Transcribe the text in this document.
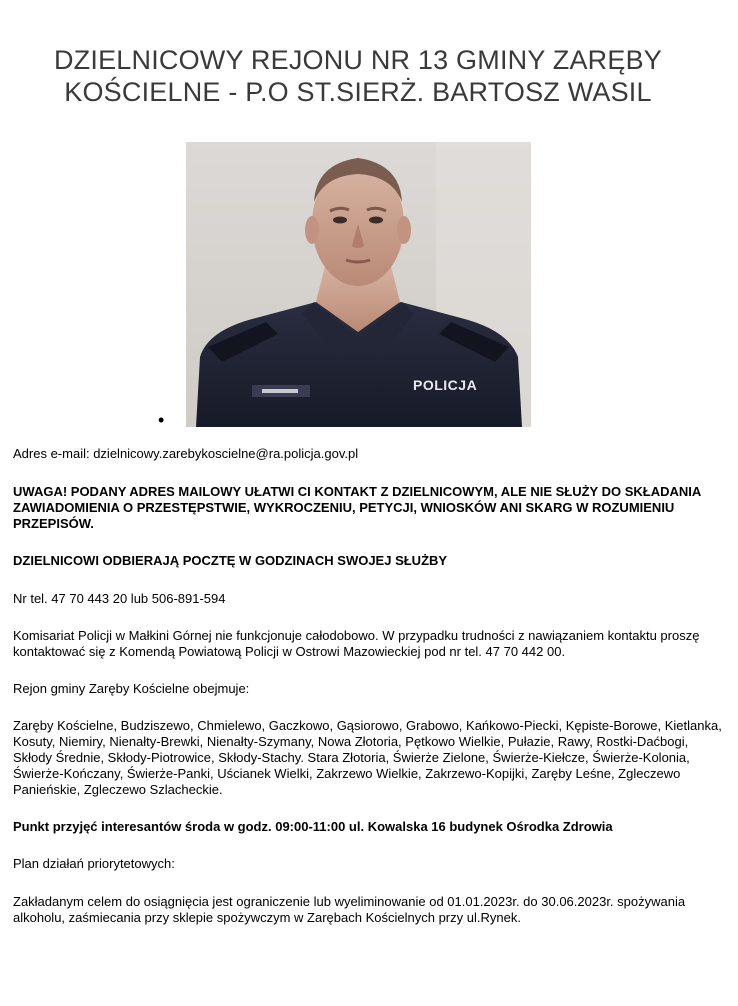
DZIELNICOWY REJONU NR 13 GMINY ZARĘBY
KOŚCIELNE - P.O ST.SIERŻ. BARTOSZ WASIL
POLICJA
•

Adres e-mail: dzielnicowy.zarebykoscielne@ra.policja.gov.pl

UWAGA! PODANY ADRES MAILOWY UŁATWI CI KONTAKT Z DZIELNICOWYM, ALE NIE SŁUŻY DO SKŁADANIA ZAWIADOMIENIA O PRZESTĘPSTWIE, WYKROCZENIU, PETYCJI, WNIOSKÓW ANI SKARG W ROZUMIENIU PRZEPISÓW.

DZIELNICOWI ODBIERAJĄ POCZTĘ W GODZINACH SWOJEJ SŁUŻBY

Nr tel. 47 70 443 20 lub 506-891-594

Komisariat Policji w Małkini Górnej nie funkcjonuje całodobowo. W przypadku trudności z nawiązaniem kontaktu proszę kontaktować się z Komendą Powiatową Policji w Ostrowi Mazowieckiej pod nr tel. 47 70 442 00.

Rejon gminy Zaręby Kościelne obejmuje:

Zaręby Kościelne, Budziszewo, Chmielewo, Gaczkowo, Gąsiorowo, Grabowo, Kańkowo-Piecki, Kępiste-Borowe, Kietlanka, Kosuty, Niemiry, Nienałty-Brewki, Nienałty-Szymany, Nowa Złotoria, Pętkowo Wielkie, Pułazie, Rawy, Rostki-Daćbogi, Skłody Średnie, Skłody-Piotrowice, Skłody-Stachy. Stara Złotoria, Świerże Zielone, Świerże-Kiełcze, Świerże-Kolonia, Świerże-Kończany, Świerże-Panki, Uścianek Wielki, Zakrzewo Wielkie, Zakrzewo-Kopijki, Zaręby Leśne, Zgleczewo Panieńskie, Zgleczewo Szlacheckie.

Punkt przyjęć interesantów środa w godz. 09:00-11:00 ul. Kowalska 16 budynek Ośrodka Zdrowia

Plan działań priorytetowych:

Zakładanym celem do osiągnięcia jest ograniczenie lub wyeliminowanie od 01.01.2023r. do 30.06.2023r. spożywania alkoholu, zaśmiecania przy sklepie spożywczym w Zarębach Kościelnych przy ul.Rynek.
